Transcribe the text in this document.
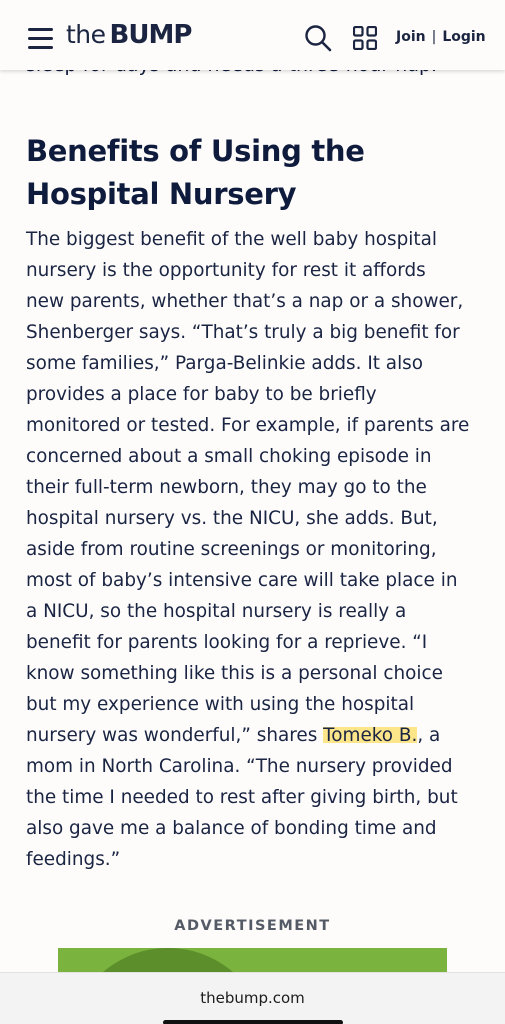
the BUMP	Join | Login
Benefits of Using the
Hospital Nursery

The biggest benefit of the well baby hospital
nursery is the opportunity for rest it affords
new parents, whether that’s a nap or a shower,
Shenberger says. “That’s truly a big benefit for
some families,” Parga-Belinkie adds. It also
provides a place for baby to be briefly
monitored or tested. For example, if parents are
concerned about a small choking episode in
their full-term newborn, they may go to the
hospital nursery vs. the NICU, she adds. But,
aside from routine screenings or monitoring,
most of baby’s intensive care will take place in
a NICU, so the hospital nursery is really a
benefit for parents looking for a reprieve. “I
know something like this is a personal choice
but my experience with using the hospital
nursery was wonderful,” shares Tomeko B., a
mom in North Carolina. “The nursery provided
the time I needed to rest after giving birth, but
also gave me a balance of bonding time and
feedings.”

ADVERTISEMENT
thebump.com
